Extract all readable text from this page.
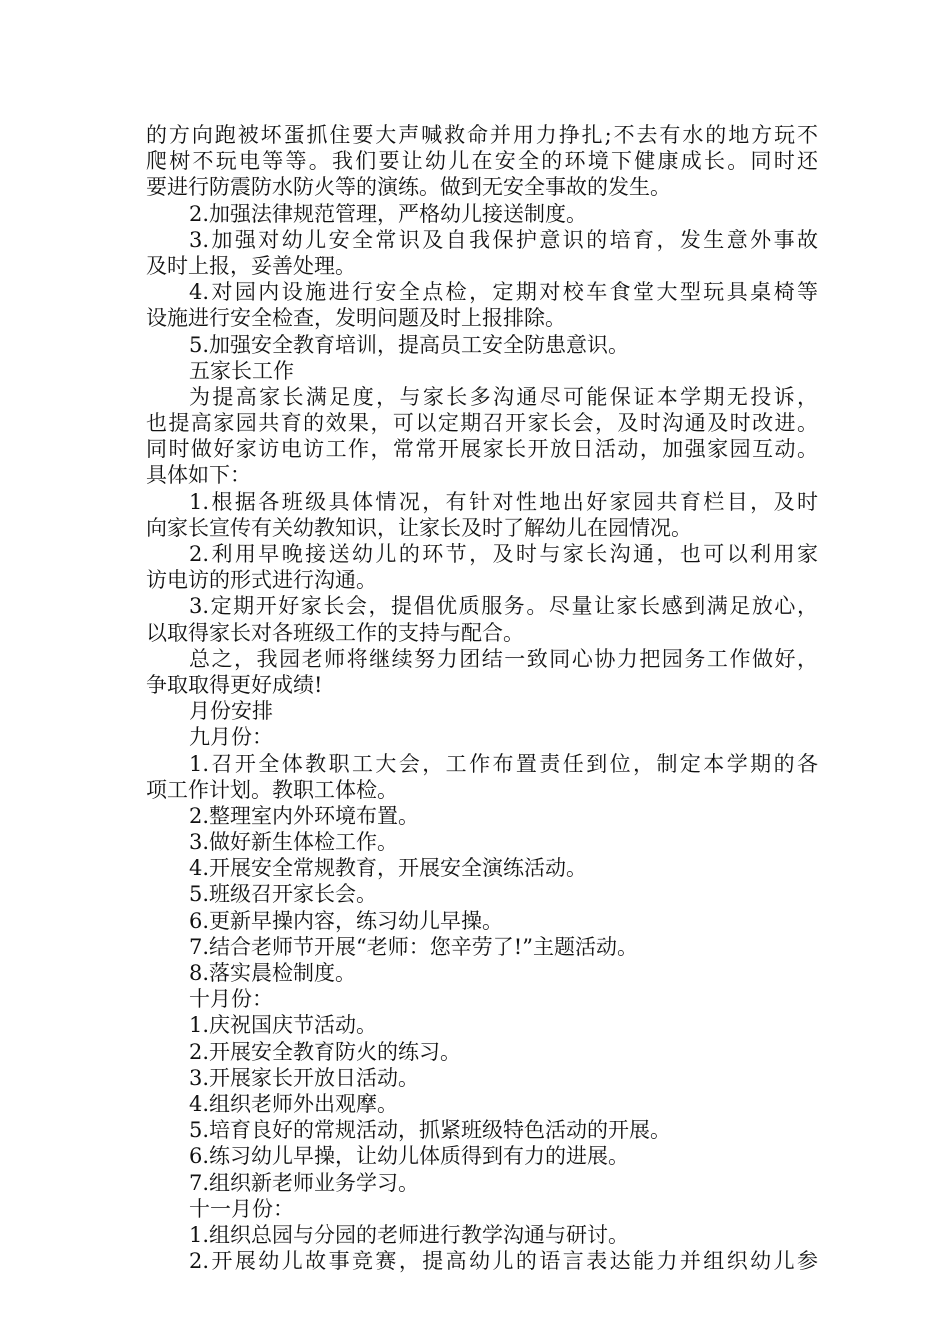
的方向跑被坏蛋抓住要大声喊救命并用力挣扎;不去有水的地方玩不

爬树不玩电等等。我们要让幼儿在安全的环境下健康成长。同时还

要进行防震防水防火等的演练。做到无安全事故的发生。

2.加强法律规范管理，严格幼儿接送制度。

3.加强对幼儿安全常识及自我保护意识的培育，发生意外事故

及时上报，妥善处理。

4.对园内设施进行安全点检，定期对校车食堂大型玩具桌椅等

设施进行安全检查，发明问题及时上报排除。

5.加强安全教育培训，提高员工安全防患意识。

五家长工作

为提高家长满足度，与家长多沟通尽可能保证本学期无投诉，

也提高家园共育的效果，可以定期召开家长会，及时沟通及时改进。

同时做好家访电访工作，常常开展家长开放日活动，加强家园互动。

具体如下：

1.根据各班级具体情况，有针对性地出好家园共育栏目，及时

向家长宣传有关幼教知识，让家长及时了解幼儿在园情况。

2.利用早晚接送幼儿的环节，及时与家长沟通，也可以利用家

访电访的形式进行沟通。

3.定期开好家长会，提倡优质服务。尽量让家长感到满足放心，

以取得家长对各班级工作的支持与配合。

总之，我园老师将继续努力团结一致同心协力把园务工作做好，

争取取得更好成绩!

月份安排

九月份：

1.召开全体教职工大会，工作布置责任到位，制定本学期的各

项工作计划。教职工体检。

2.整理室内外环境布置。

3.做好新生体检工作。

4.开展安全常规教育，开展安全演练活动。

5.班级召开家长会。

6.更新早操内容，练习幼儿早操。

7.结合老师节开展“老师：您辛劳了!”主题活动。

8.落实晨检制度。

十月份：

1.庆祝国庆节活动。

2.开展安全教育防火的练习。

3.开展家长开放日活动。

4.组织老师外出观摩。

5.培育良好的常规活动，抓紧班级特色活动的开展。

6.练习幼儿早操，让幼儿体质得到有力的进展。

7.组织新老师业务学习。

十一月份：

1.组织总园与分园的老师进行教学沟通与研讨。

2.开展幼儿故事竞赛，提高幼儿的语言表达能力并组织幼儿参
